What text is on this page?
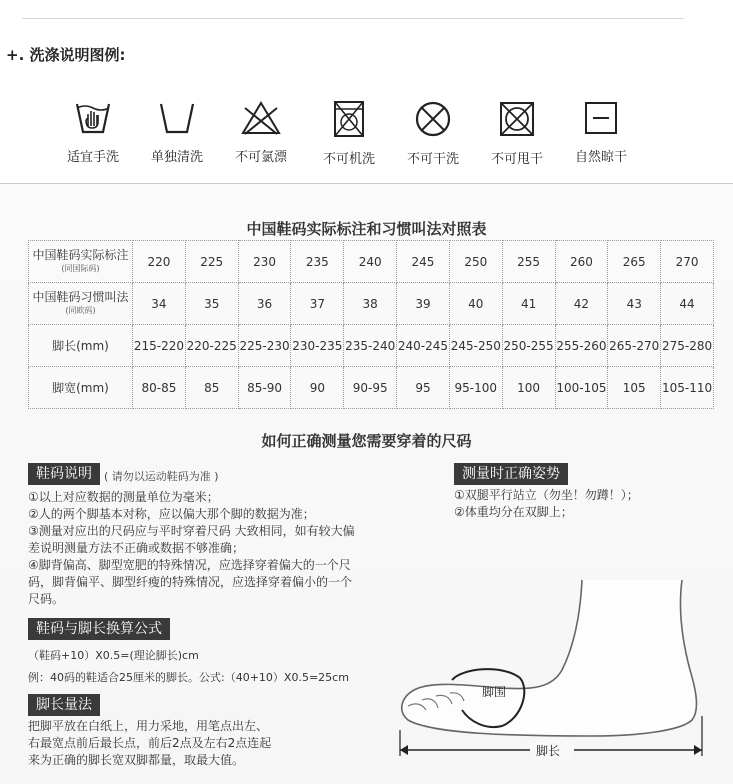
+. 洗涤说明图例:
适宜手洗	单独清洗	不可氯漂	不可机洗	不可干洗	不可甩干	自然晾干
中国鞋码实际标注和习惯叫法对照表
中国鞋码实际标注
(同国际码)	220	225	230	235	240	245	250	255	260	265	270
中国鞋码习惯叫法
(同欧码)	34	35	36	37	38	39	40	41	42	43	44
脚长(mm)	215-220	220-225	225-230	230-235	235-240	240-245	245-250	250-255	255-260	265-270	275-280
脚宽(mm)	80-85	85	85-90	90	90-95	95	95-100	100	100-105	105	105-110
如何正确测量您需要穿着的尺码
鞋码说明	( 请勿以运动鞋码为准 )

①以上对应数据的测量单位为毫米；

②人的两个脚基本对称，应以偏大那个脚的数据为准；

③测量对应出的尺码应与平时穿着尺码 大致相同，如有较大偏

差说明测量方法不正确或数据不够准确；

④脚背偏高、脚型宽肥的特殊情况，应选择穿着偏大的一个尺

码，脚背偏平、脚型纤瘦的特殊情况，应选择穿着偏小的一个

尺码。

鞋码与脚长换算公式

（鞋码+10）X0.5=(理论脚长)cm

例：40码的鞋适合25厘米的脚长。公式:（40+10）X0.5=25cm

脚长量法

把脚平放在白纸上，用力采地，用笔点出左、

右最宽点前后最长点，前后2点及左右2点连起

来为正确的脚长宽双脚都量，取最大值。

测量时正确姿势

①双腿平行站立（勿坐！勿蹲！）；

②体重均分在双脚上；

脚围
脚长
